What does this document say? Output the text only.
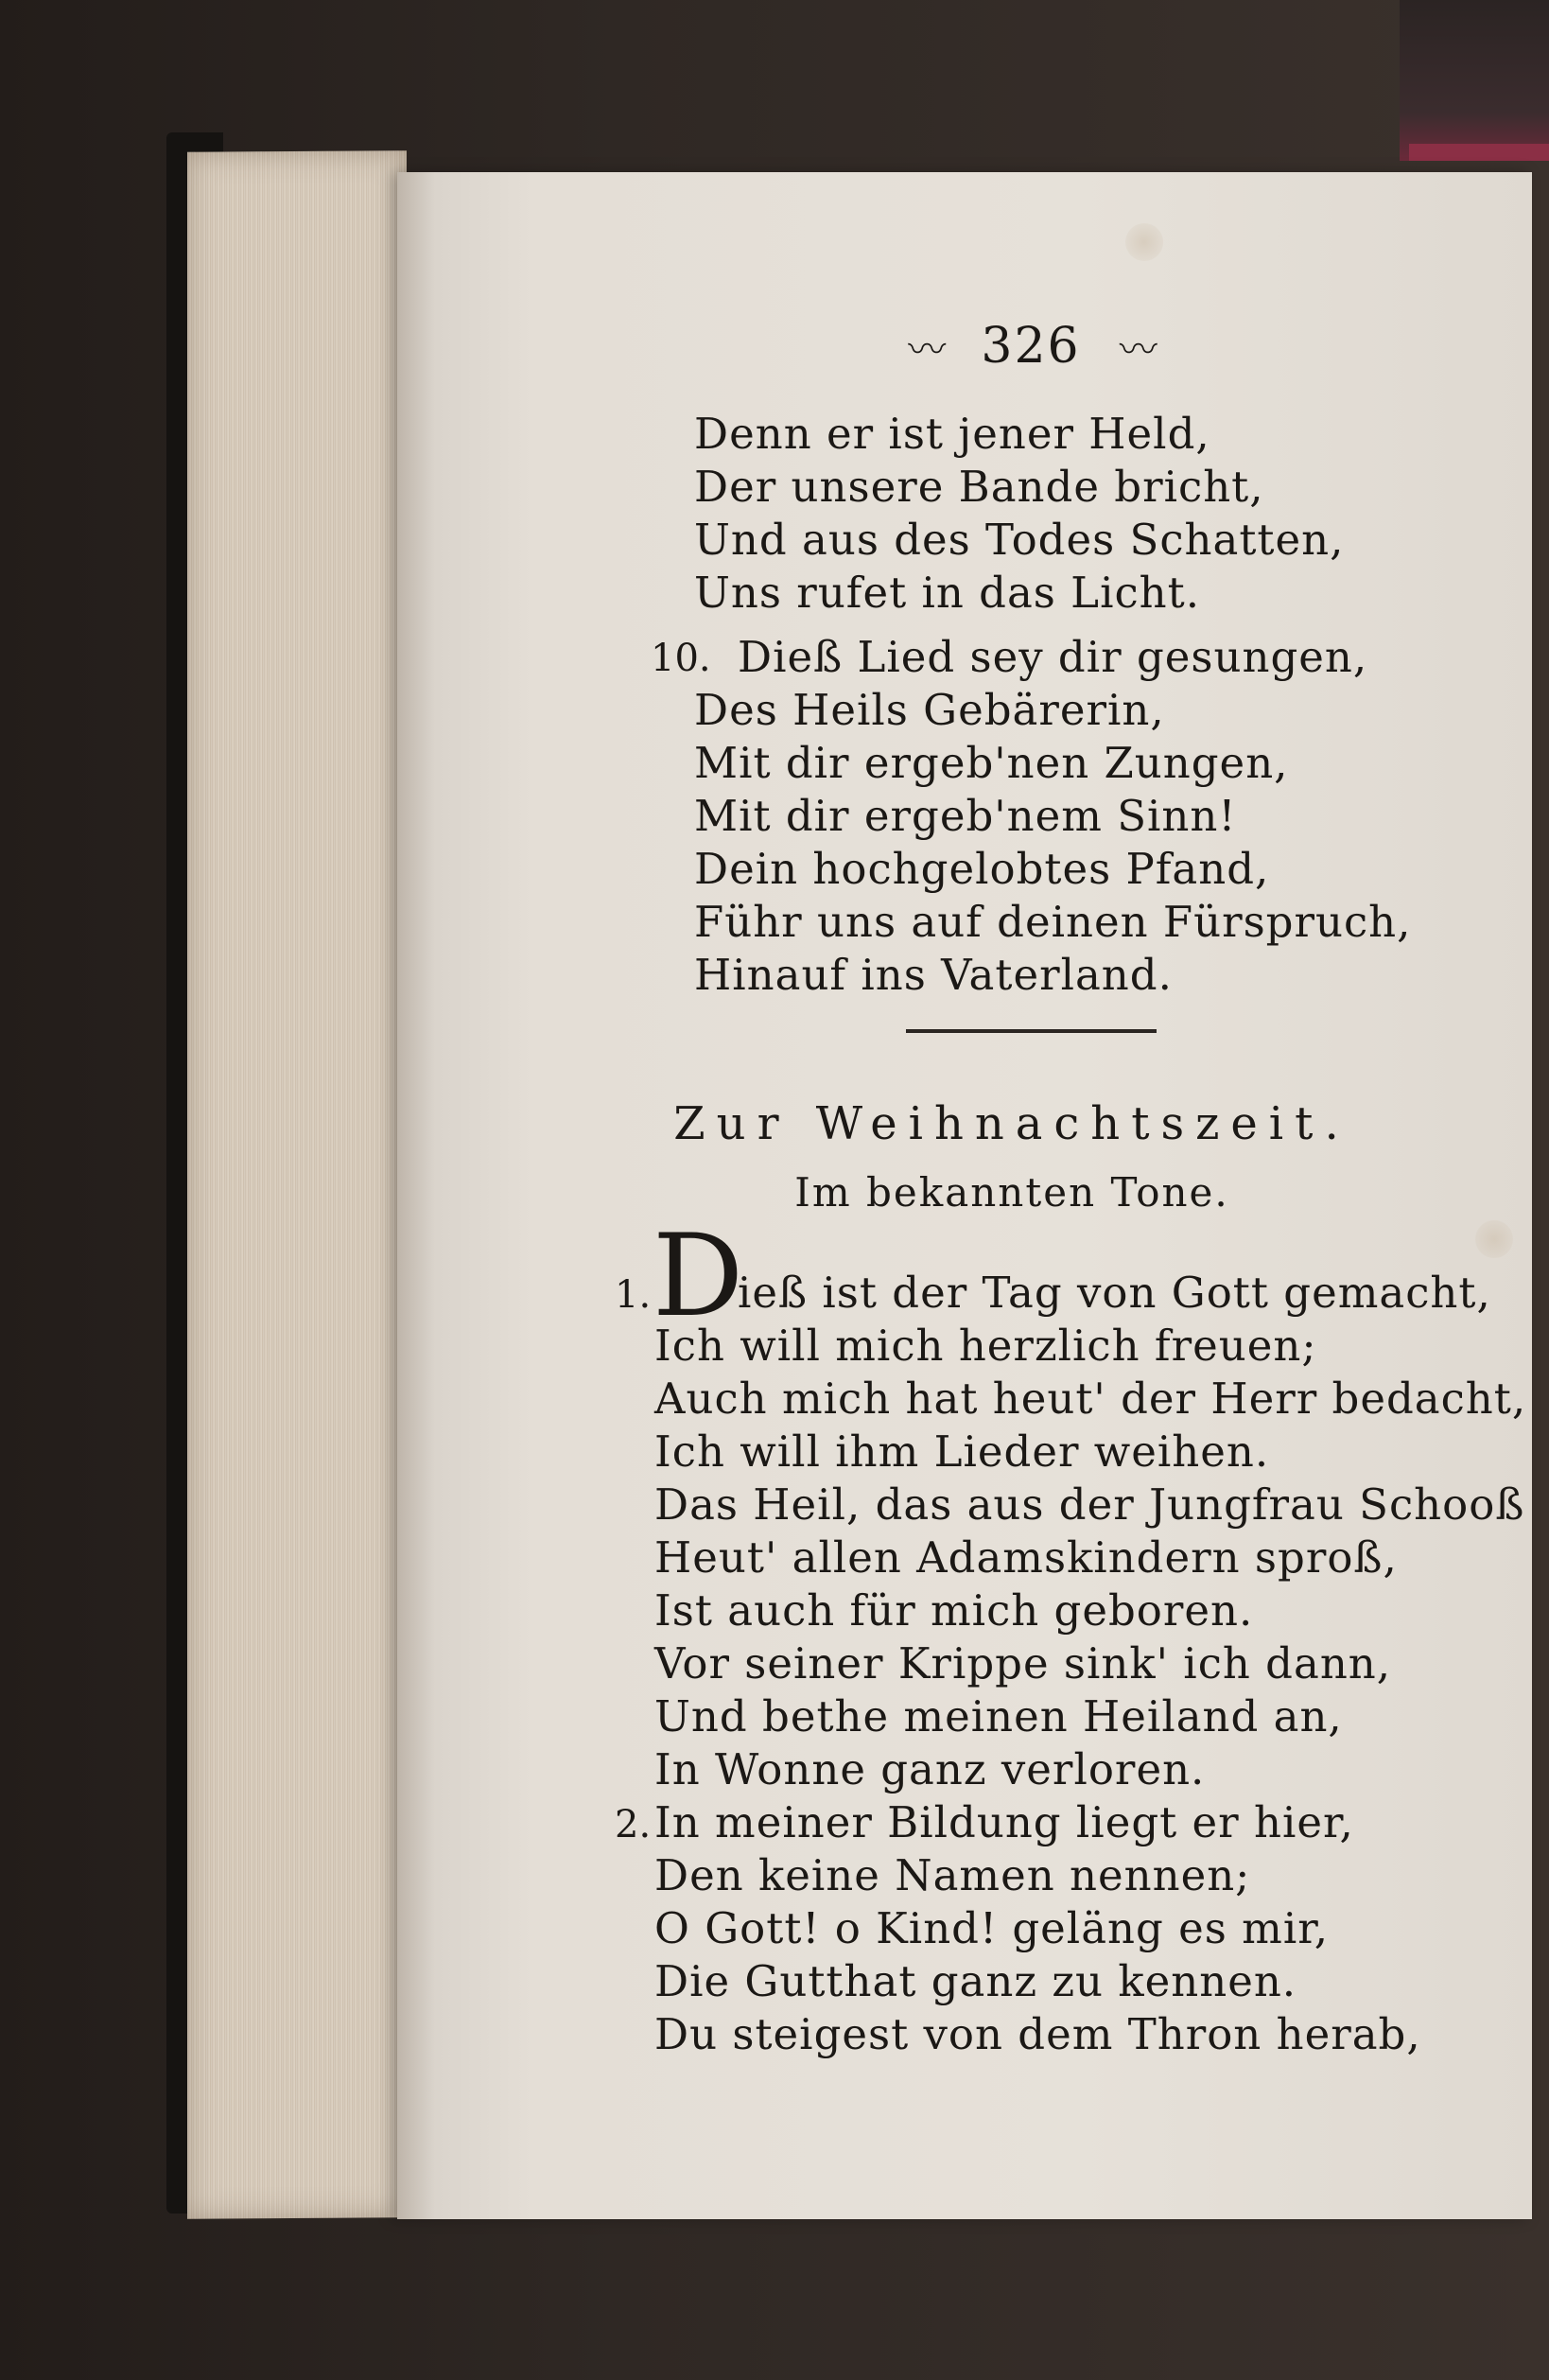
〰 326 〰
Denn er ist jener Held,
Der unsere Bande bricht,
Und aus des Todes Schatten,
Uns rufet in das Licht.
10. Dieß Lied sey dir gesungen,
Des Heils Gebärerin,
Mit dir ergeb'nen Zungen,
Mit dir ergeb'nem Sinn!
Dein hochgelobtes Pfand,
Führ uns auf deinen Fürspruch,
Hinauf ins Vaterland.
Zur Weihnachtszeit.
Im bekannten Tone.
1. D
ieß ist der Tag von Gott gemacht,
Ich will mich herzlich freuen;
Auch mich hat heut' der Herr bedacht,
Ich will ihm Lieder weihen.
Das Heil, das aus der Jungfrau Schooß
Heut' allen Adamskindern sproß,
Ist auch für mich geboren.
Vor seiner Krippe sink' ich dann,
Und bethe meinen Heiland an,
In Wonne ganz verloren.
2. In meiner Bildung liegt er hier,
Den keine Namen nennen;
O Gott! o Kind! geläng es mir,
Die Gutthat ganz zu kennen.
Du steigest von dem Thron herab,
